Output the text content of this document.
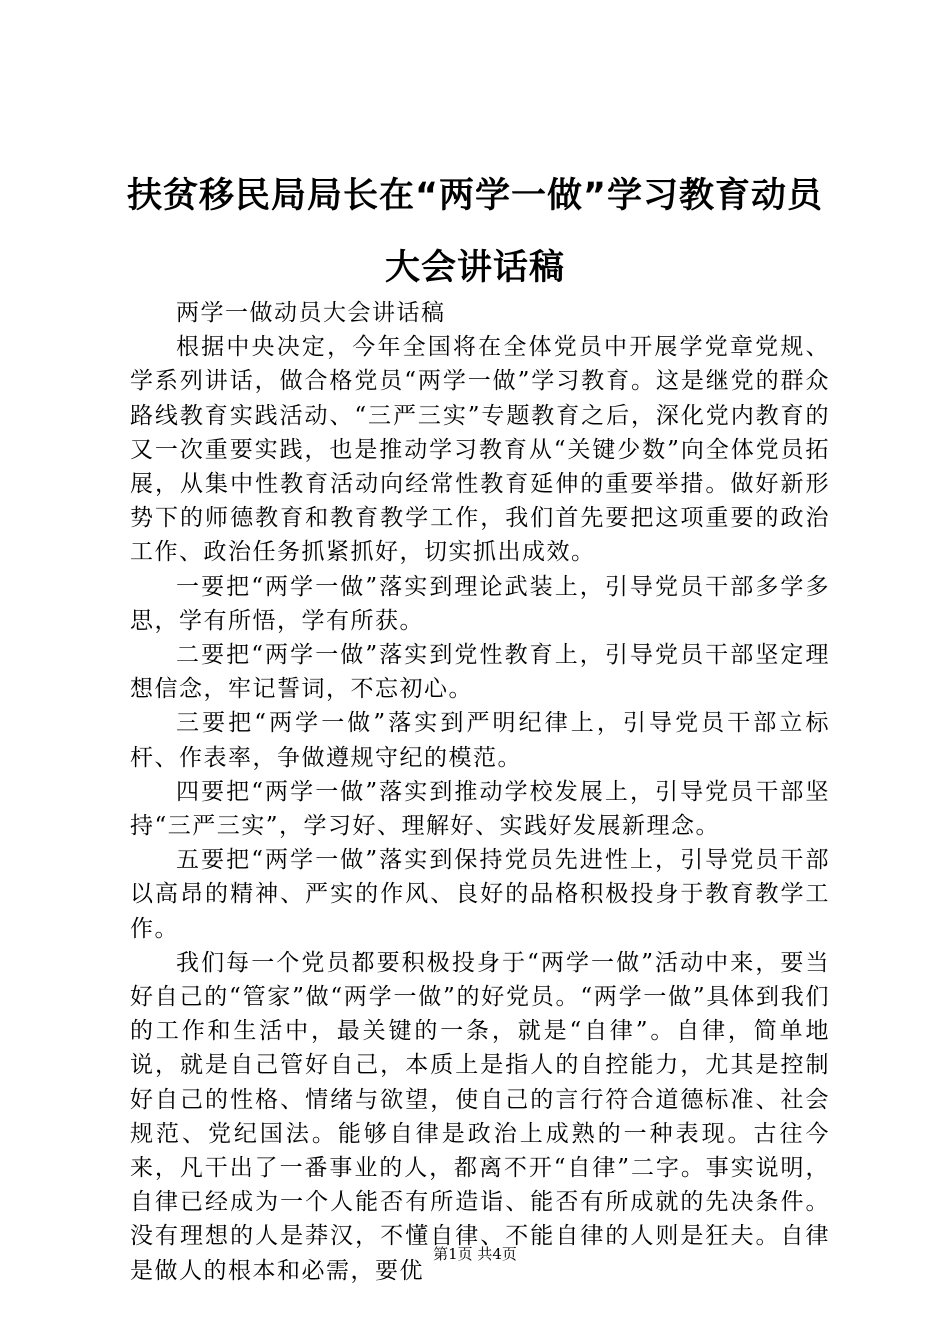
扶贫移民局局长在“两学一做”学习教育动员大会讲话稿

两学一做动员大会讲话稿

根据中央决定，今年全国将在全体党员中开展学党章党规、学系列讲话，做合格党员“两学一做”学习教育。这是继党的群众路线教育实践活动、“三严三实”专题教育之后，深化党内教育的又一次重要实践，也是推动学习教育从“关键少数”向全体党员拓展，从集中性教育活动向经常性教育延伸的重要举措。做好新形势下的师德教育和教育教学工作，我们首先要把这项重要的政治工作、政治任务抓紧抓好，切实抓出成效。

一要把“两学一做”落实到理论武装上，引导党员干部多学多思，学有所悟，学有所获。

二要把“两学一做”落实到党性教育上，引导党员干部坚定理想信念，牢记誓词，不忘初心。

三要把“两学一做”落实到严明纪律上，引导党员干部立标杆、作表率，争做遵规守纪的模范。

四要把“两学一做”落实到推动学校发展上，引导党员干部坚持“三严三实”，学习好、理解好、实践好发展新理念。

五要把“两学一做”落实到保持党员先进性上，引导党员干部以高昂的精神、严实的作风、良好的品格积极投身于教育教学工作。

我们每一个党员都要积极投身于“两学一做”活动中来，要当好自己的“管家”做“两学一做”的好党员。“两学一做”具体到我们的工作和生活中，最关键的一条，就是“自律”。自律，简单地说，就是自己管好自己，本质上是指人的自控能力，尤其是控制好自己的性格、情绪与欲望，使自己的言行符合道德标准、社会规范、党纪国法。能够自律是政治上成熟的一种表现。古往今来，凡干出了一番事业的人，都离不开“自律”二字。事实说明，自律已经成为一个人能否有所造诣、能否有所成就的先决条件。没有理想的人是莽汉，不懂自律、不能自律的人则是狂夫。自律是做人的根本和必需，要优

第1页 共4页
